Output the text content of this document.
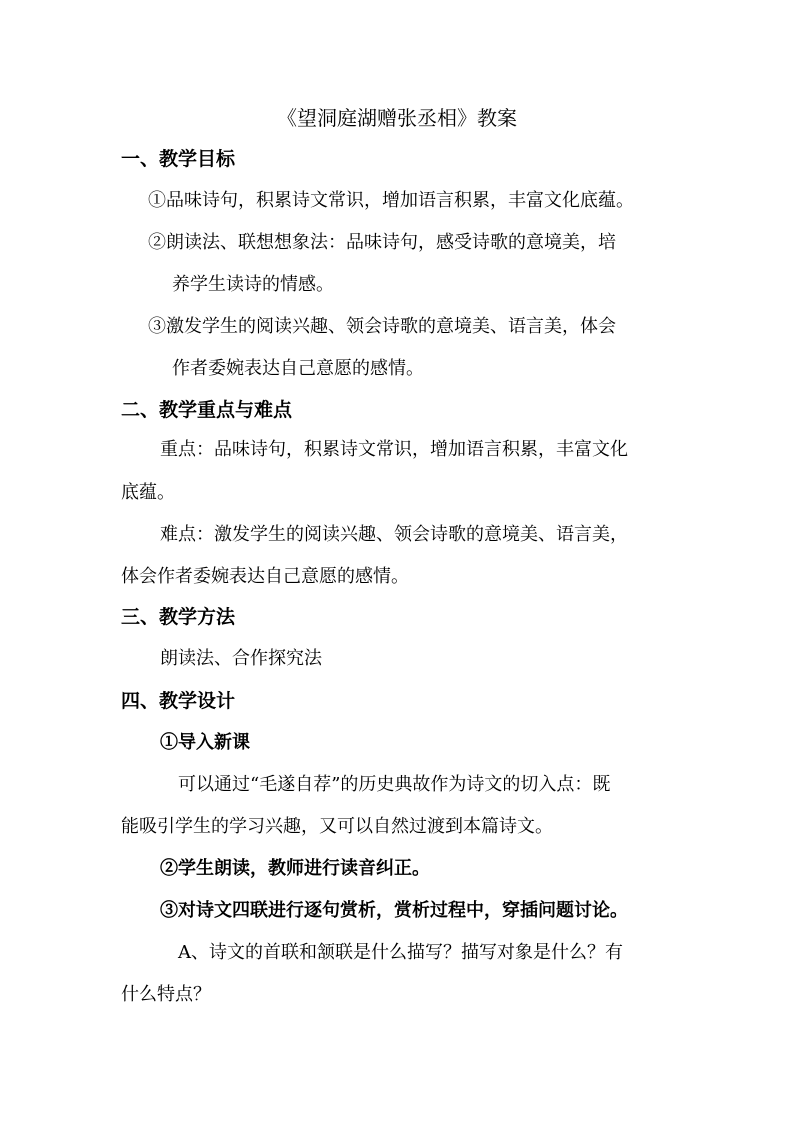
《望洞庭湖赠张丞相》教案
一、教学目标
①品味诗句，积累诗文常识，增加语言积累，丰富文化底蕴。
②朗读法、联想想象法：品味诗句，感受诗歌的意境美，培
养学生读诗的情感。
③激发学生的阅读兴趣、领会诗歌的意境美、语言美，体会
作者委婉表达自己意愿的感情。
二、教学重点与难点
重点：品味诗句，积累诗文常识，增加语言积累，丰富文化
底蕴。
难点：激发学生的阅读兴趣、领会诗歌的意境美、语言美，
体会作者委婉表达自己意愿的感情。
三、教学方法
朗读法、合作探究法
四、教学设计
①导入新课
可以通过“毛遂自荐”的历史典故作为诗文的切入点：既
能吸引学生的学习兴趣，又可以自然过渡到本篇诗文。
②学生朗读，教师进行读音纠正。
③对诗文四联进行逐句赏析，赏析过程中，穿插问题讨论。
A、诗文的首联和颔联是什么描写？描写对象是什么？有
什么特点？
